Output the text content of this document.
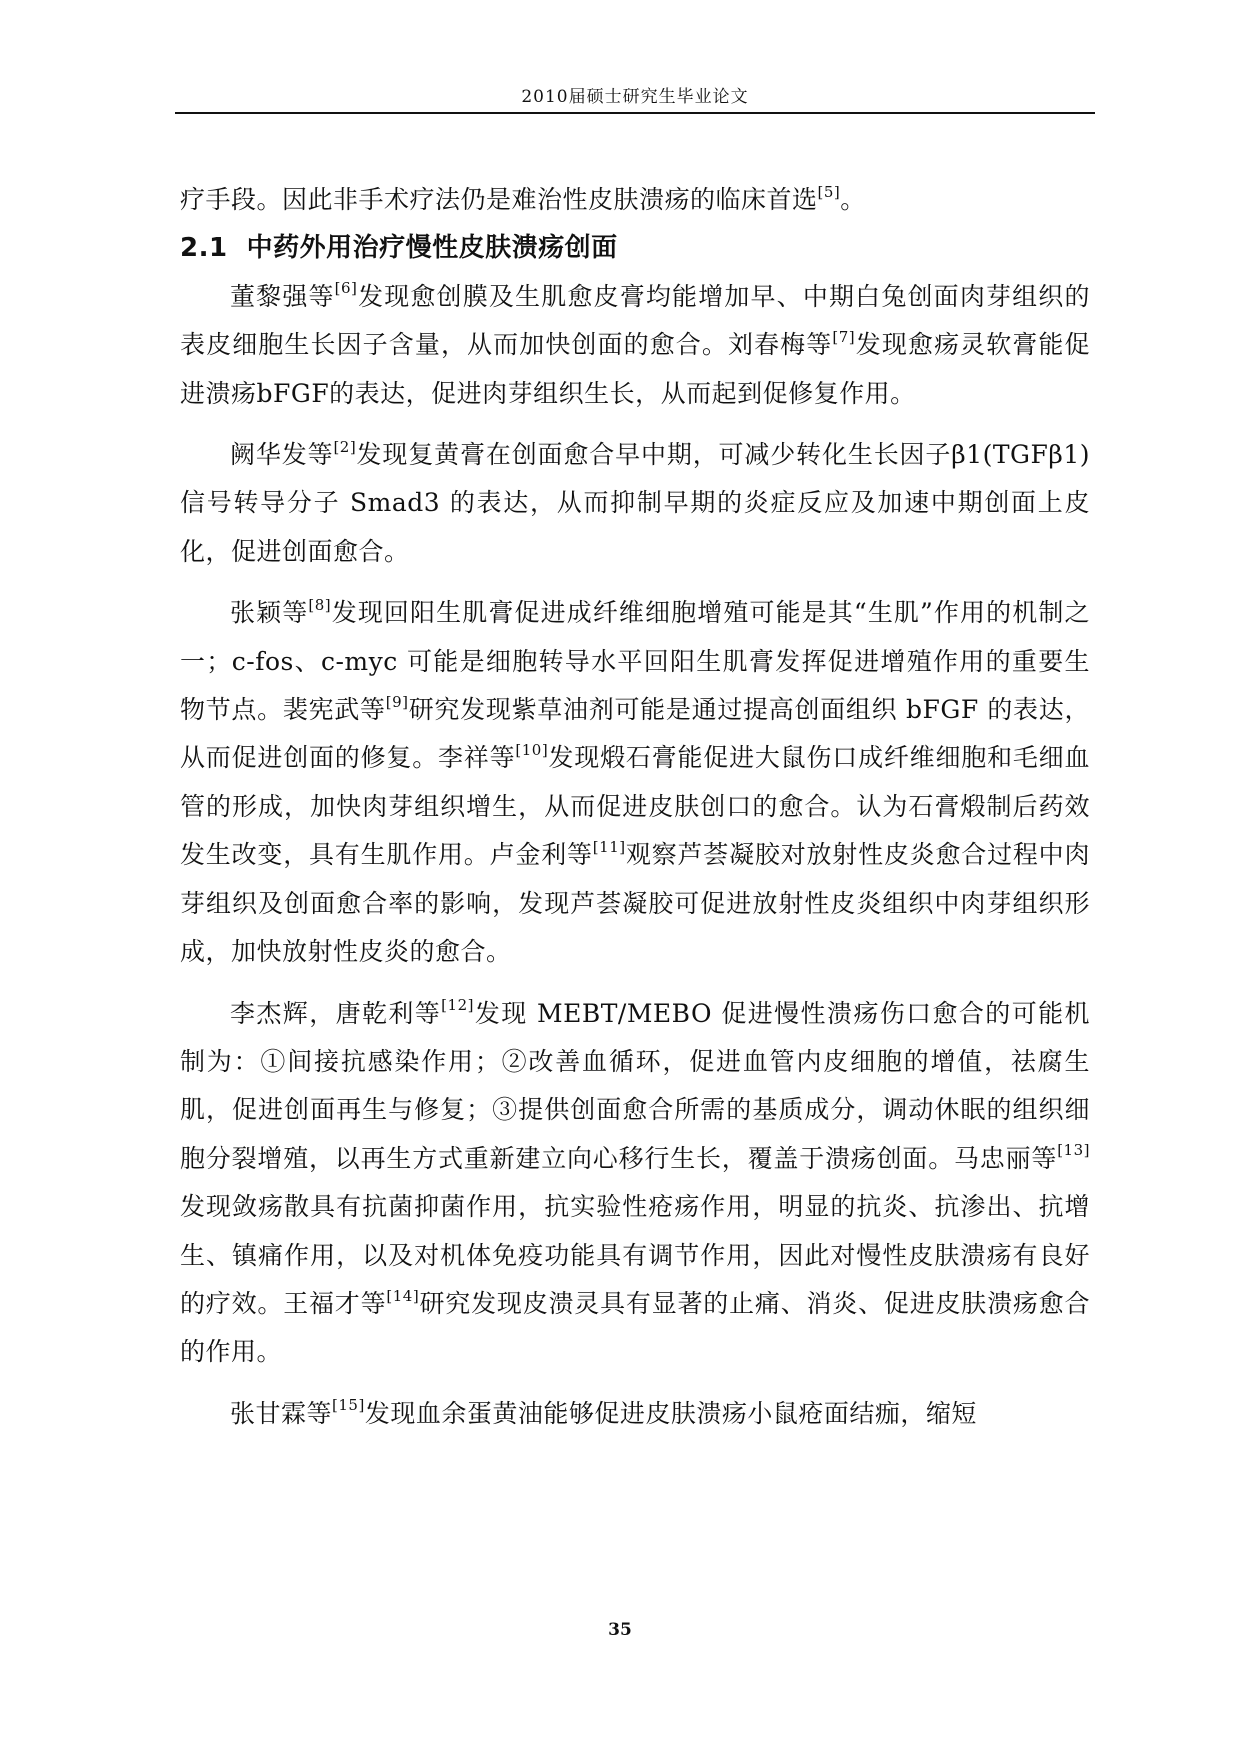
2010届硕士研究生毕业论文

疗手段。因此非手术疗法仍是难治性皮肤溃疡的临床首选[5]。

2.1 中药外用治疗慢性皮肤溃疡创面

董黎强等[6]发现愈创膜及生肌愈皮膏均能增加早、中期白兔创面肉芽组织的表皮细胞生长因子含量，从而加快创面的愈合。刘春梅等[7]发现愈疡灵软膏能促进溃疡bFGF的表达，促进肉芽组织生长，从而起到促修复作用。

阙华发等[2]发现复黄膏在创面愈合早中期，可减少转化生长因子β1(TGFβ1)信号转导分子 Smad3 的表达，从而抑制早期的炎症反应及加速中期创面上皮化，促进创面愈合。

张颖等[8]发现回阳生肌膏促进成纤维细胞增殖可能是其“生肌”作用的机制之一；c-fos、c-myc 可能是细胞转导水平回阳生肌膏发挥促进增殖作用的重要生物节点。裴宪武等[9]研究发现紫草油剂可能是通过提高创面组织 bFGF 的表达，从而促进创面的修复。李祥等[10]发现煅石膏能促进大鼠伤口成纤维细胞和毛细血管的形成，加快肉芽组织增生，从而促进皮肤创口的愈合。认为石膏煅制后药效发生改变，具有生肌作用。卢金利等[11]观察芦荟凝胶对放射性皮炎愈合过程中肉芽组织及创面愈合率的影响，发现芦荟凝胶可促进放射性皮炎组织中肉芽组织形成，加快放射性皮炎的愈合。

李杰辉，唐乾利等[12]发现 MEBT/MEBO 促进慢性溃疡伤口愈合的可能机制为：①间接抗感染作用；②改善血循环，促进血管内皮细胞的增值，祛腐生肌，促进创面再生与修复；③提供创面愈合所需的基质成分，调动休眠的组织细胞分裂增殖，以再生方式重新建立向心移行生长，覆盖于溃疡创面。马忠丽等[13]发现敛疡散具有抗菌抑菌作用，抗实验性疮疡作用，明显的抗炎、抗渗出、抗增生、镇痛作用，以及对机体免疫功能具有调节作用，因此对慢性皮肤溃疡有良好的疗效。王福才等[14]研究发现皮溃灵具有显著的止痛、消炎、促进皮肤溃疡愈合的作用。

张甘霖等[15]发现血余蛋黄油能够促进皮肤溃疡小鼠疮面结痂，缩短

35
